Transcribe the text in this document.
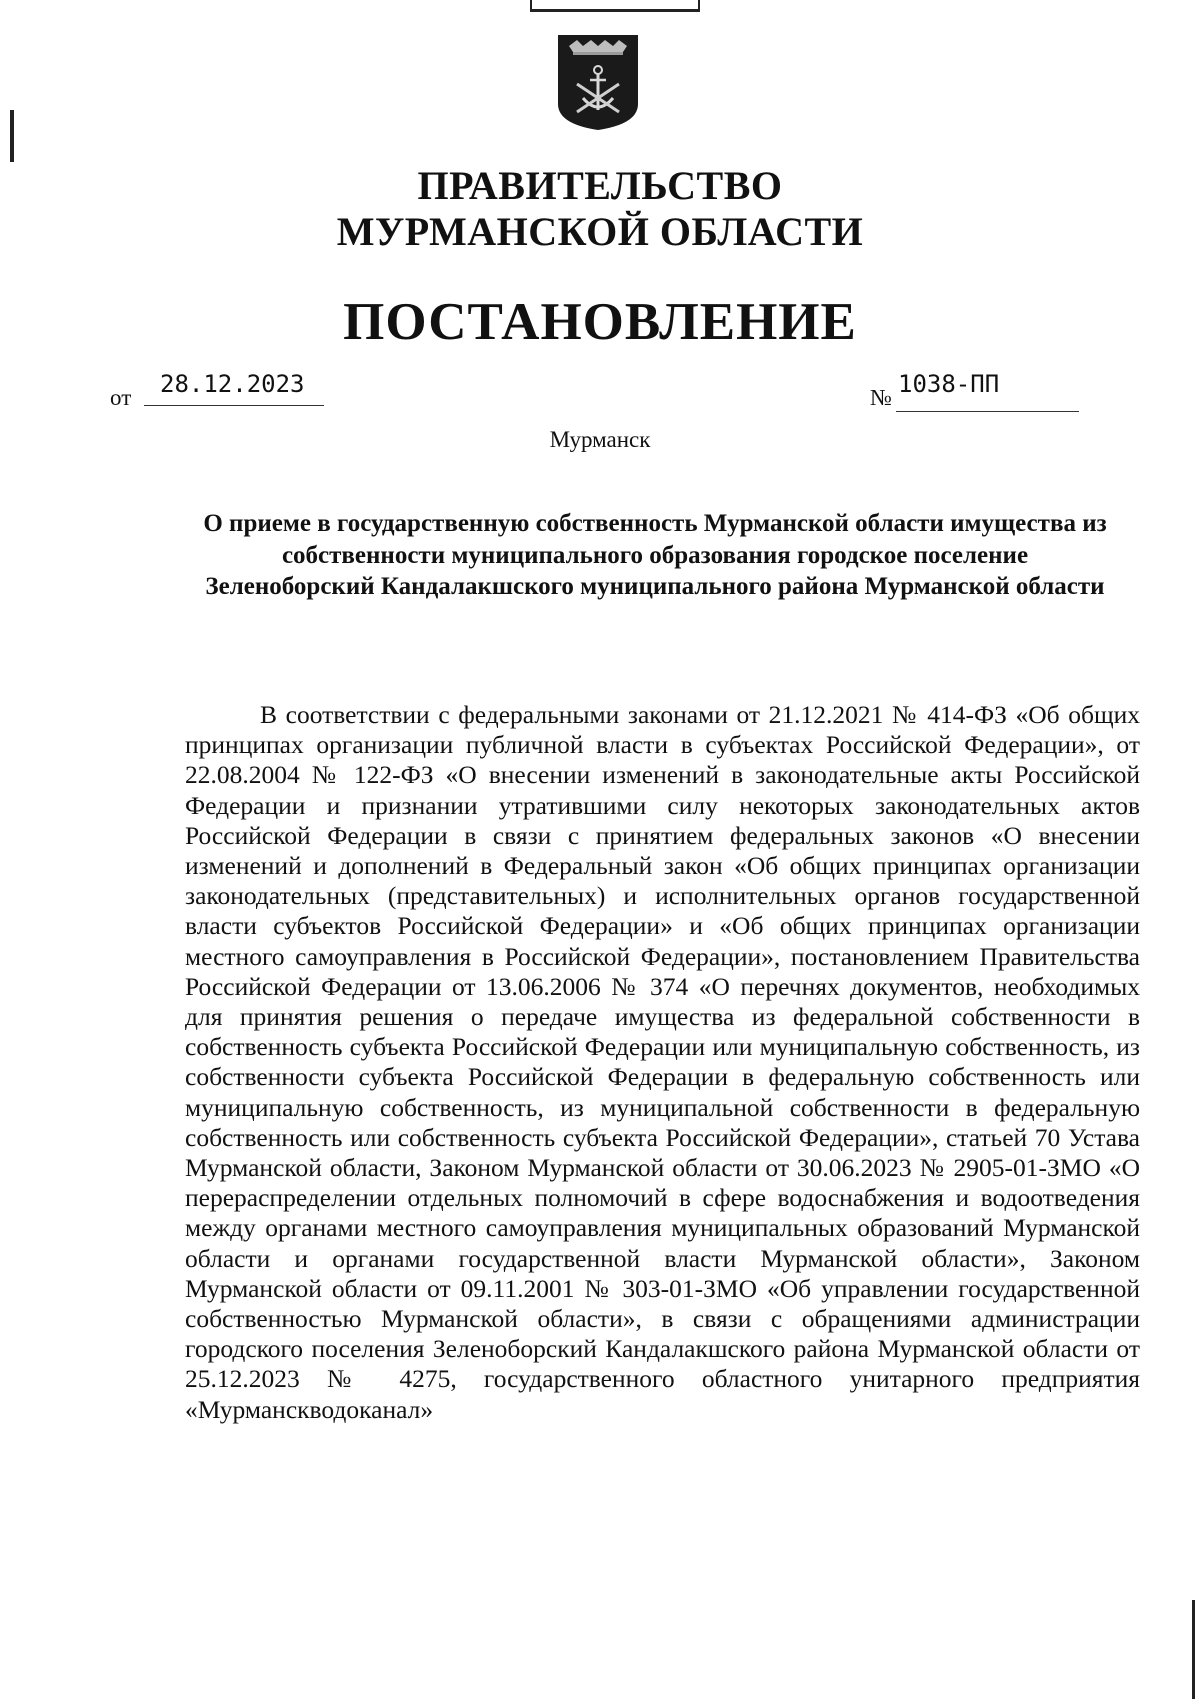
ПРАВИТЕЛЬСТВО
МУРМАНСКОЙ ОБЛАСТИ
ПОСТАНОВЛЕНИЕ
от	28.12.2023	№ 1038-ПП
Мурманск
О приеме в государственную собственность Мурманской области имущества из собственности муниципального образования городское поселение Зеленоборский Кандалакшского муниципального района Мурманской области
В соответствии с федеральными законами от 21.12.2021 № 414-ФЗ «Об общих принципах организации публичной власти в субъектах Российской Федерации», от 22.08.2004 № 122-ФЗ «О внесении изменений в законодательные акты Российской Федерации и признании утратившими силу некоторых законодательных актов Российской Федерации в связи с принятием федеральных законов «О внесении изменений и дополнений в Федеральный закон «Об общих принципах организации законодательных (представительных) и исполнительных органов государственной власти субъектов Российской Федерации» и «Об общих принципах организации местного самоуправления в Российской Федерации», постановлением Правительства Российской Федерации от 13.06.2006 № 374 «О перечнях документов, необходимых для принятия решения о передаче имущества из федеральной собственности в собственность субъекта Российской Федерации или муниципальную собственность, из собственности субъекта Российской Федерации в федеральную собственность или муниципальную собственность, из муниципальной собственности в федеральную собственность или собственность субъекта Российской Федерации», статьей 70 Устава Мурманской области, Законом Мурманской области от 30.06.2023 № 2905-01-ЗМО «О перераспределении отдельных полномочий в сфере водоснабжения и водоотведения между органами местного самоуправления муниципальных образований Мурманской области и органами государственной власти Мурманской области», Законом Мурманской области от 09.11.2001 № 303-01-ЗМО «Об управлении государственной собственностью Мурманской области», в связи с обращениями администрации городского поселения Зеленоборский Кандалакшского района Мурманской области от 25.12.2023 № 4275, государственного областного унитарного предприятия «Мурманскводоканал»
